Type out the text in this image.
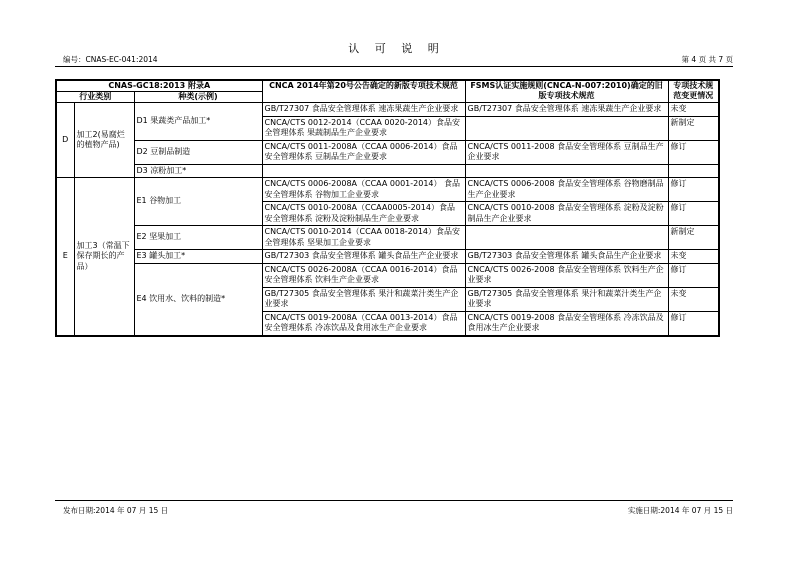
认 可 说 明
编号：CNAS-EC-041:2014	第 4 页 共 7 页
CNAS-GC18:2013 附录A			CNCA 2014年第20号公告确定的新版专项技术规范	FSMS认证实施规则(CNCA-N-007:2010)确定的旧版专项技术规范	专项技术规范变更情况
行业类别		种类(示例)			
D	加工2(易腐烂的植物产品)	D1 果蔬类产品加工*	GB/T27307 食品安全管理体系 速冻果蔬生产企业要求	GB/T27307 食品安全管理体系 速冻果蔬生产企业要求	未变
			CNCA/CTS 0012-2014（CCAA 0020-2014）食品安全管理体系 果蔬制品生产企业要求		新制定
		D2 豆制品制造	CNCA/CTS 0011-2008A（CCAA 0006-2014）食品安全管理体系 豆制品生产企业要求	CNCA/CTS 0011-2008 食品安全管理体系 豆制品生产企业要求	修订
		D3 凉粉加工*			
E	加工3（常温下保存期长的产品）	E1 谷物加工	CNCA/CTS 0006-2008A（CCAA 0001-2014） 食品安全管理体系 谷物加工企业要求	CNCA/CTS 0006-2008 食品安全管理体系 谷物磨制品生产企业要求	修订
			CNCA/CTS 0010-2008A（CCAA0005-2014）食品安全管理体系 淀粉及淀粉制品生产企业要求	CNCA/CTS 0010-2008 食品安全管理体系 淀粉及淀粉制品生产企业要求	修订
		E2 坚果加工	CNCA/CTS 0010-2014（CCAA 0018-2014）食品安全管理体系 坚果加工企业要求		新制定
		E3 罐头加工*	GB/T27303 食品安全管理体系 罐头食品生产企业要求	GB/T27303 食品安全管理体系 罐头食品生产企业要求	未变
		E4 饮用水、饮料的制造*	CNCA/CTS 0026-2008A（CCAA 0016-2014）食品安全管理体系 饮料生产企业要求	CNCA/CTS 0026-2008 食品安全管理体系 饮料生产企业要求	修订
			GB/T27305 食品安全管理体系 果汁和蔬菜汁类生产企业要求	GB/T27305 食品安全管理体系 果汁和蔬菜汁类生产企业要求	未变
			CNCA/CTS 0019-2008A（CCAA 0013-2014）食品安全管理体系 冷冻饮品及食用冰生产企业要求	CNCA/CTS 0019-2008 食品安全管理体系 冷冻饮品及食用冰生产企业要求	修订
发布日期:2014 年 07 月 15 日	实施日期:2014 年 07 月 15 日
